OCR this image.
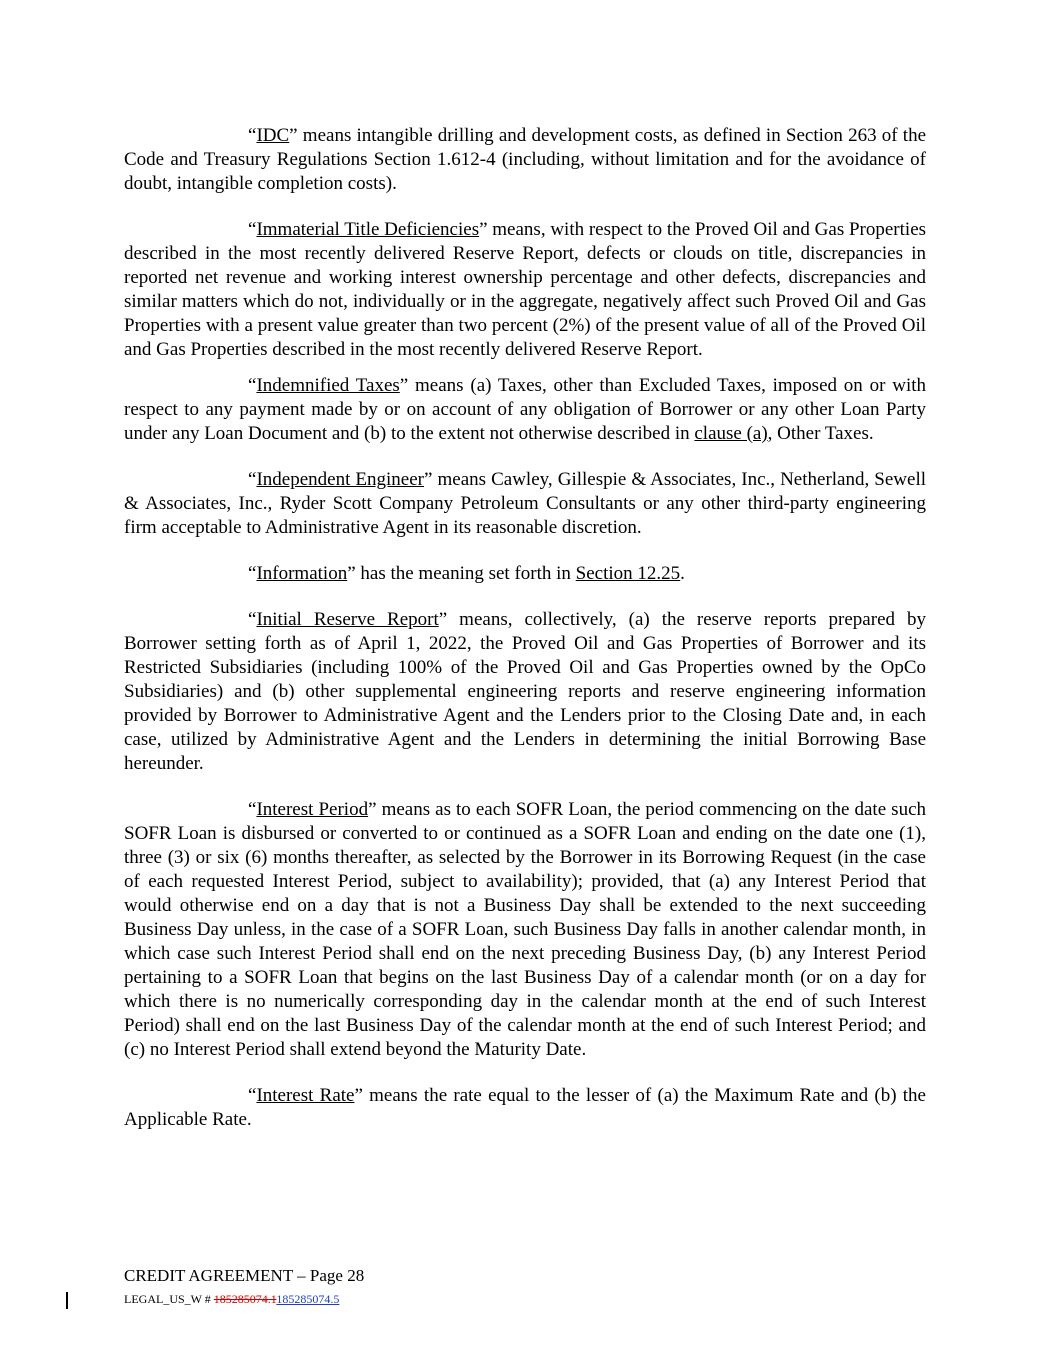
“IDC” means intangible drilling and development costs, as defined in Section 263 of the Code and Treasury Regulations Section 1.612-4 (including, without limitation and for the avoidance of doubt, intangible completion costs).

“Immaterial Title Deficiencies” means, with respect to the Proved Oil and Gas Properties described in the most recently delivered Reserve Report, defects or clouds on title, discrepancies in reported net revenue and working interest ownership percentage and other defects, discrepancies and similar matters which do not, individually or in the aggregate, negatively affect such Proved Oil and Gas Properties with a present value greater than two percent (2%) of the present value of all of the Proved Oil and Gas Properties described in the most recently delivered Reserve Report.

“Indemnified Taxes” means (a) Taxes, other than Excluded Taxes, imposed on or with respect to any payment made by or on account of any obligation of Borrower or any other Loan Party under any Loan Document and (b) to the extent not otherwise described in clause (a), Other Taxes.

“Independent Engineer” means Cawley, Gillespie & Associates, Inc., Netherland, Sewell & Associates, Inc., Ryder Scott Company Petroleum Consultants or any other third-party engineering firm acceptable to Administrative Agent in its reasonable discretion.

“Information” has the meaning set forth in Section 12.25.

“Initial Reserve Report” means, collectively, (a) the reserve reports prepared by Borrower setting forth as of April 1, 2022, the Proved Oil and Gas Properties of Borrower and its Restricted Subsidiaries (including 100% of the Proved Oil and Gas Properties owned by the OpCo Subsidiaries) and (b) other supplemental engineering reports and reserve engineering information provided by Borrower to Administrative Agent and the Lenders prior to the Closing Date and, in each case, utilized by Administrative Agent and the Lenders in determining the initial Borrowing Base hereunder.

“Interest Period” means as to each SOFR Loan, the period commencing on the date such SOFR Loan is disbursed or converted to or continued as a SOFR Loan and ending on the date one (1), three (3) or six (6) months thereafter, as selected by the Borrower in its Borrowing Request (in the case of each requested Interest Period, subject to availability); provided, that (a) any Interest Period that would otherwise end on a day that is not a Business Day shall be extended to the next succeeding Business Day unless, in the case of a SOFR Loan, such Business Day falls in another calendar month, in which case such Interest Period shall end on the next preceding Business Day, (b) any Interest Period pertaining to a SOFR Loan that begins on the last Business Day of a calendar month (or on a day for which there is no numerically corresponding day in the calendar month at the end of such Interest Period) shall end on the last Business Day of the calendar month at the end of such Interest Period; and (c) no Interest Period shall extend beyond the Maturity Date.

“Interest Rate” means the rate equal to the lesser of (a) the Maximum Rate and (b) the Applicable Rate.

CREDIT AGREEMENT – Page 28
LEGAL_US_W # 185285074.1185285074.5
